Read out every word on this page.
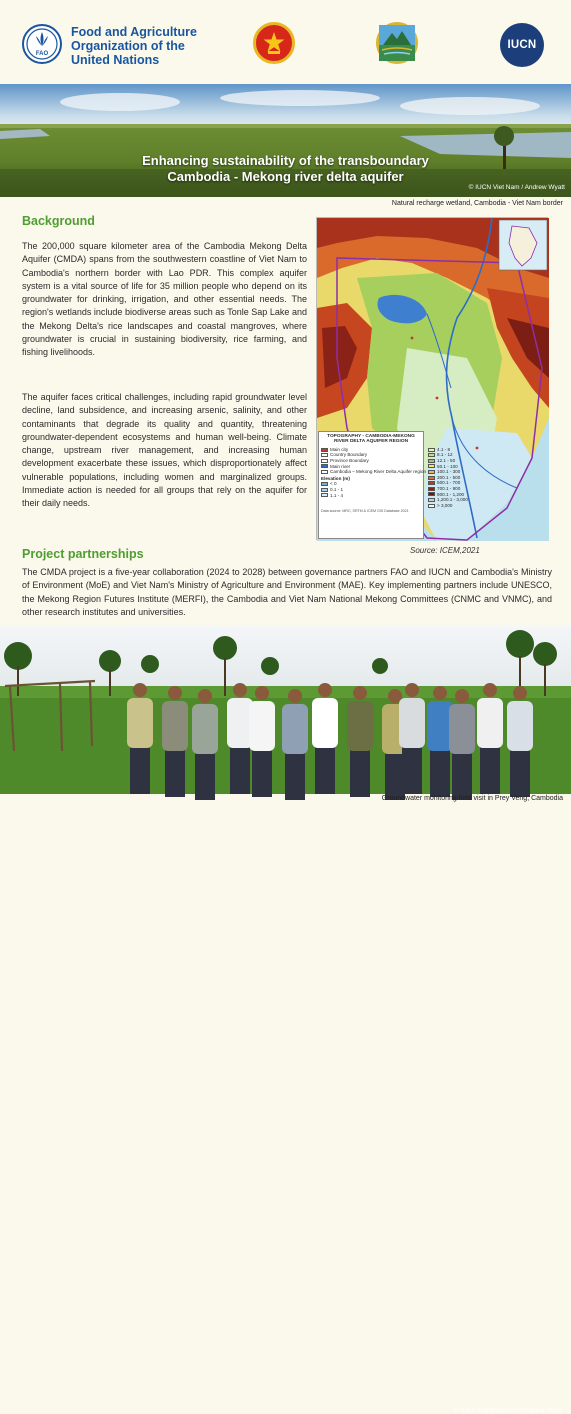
FAO
Food and Agriculture Organization of the United Nations
IUCN
Enhancing sustainability of the transboundary
Cambodia - Mekong river delta aquifer
© IUCN Viet Nam / Andrew Wyatt
Natural recharge wetland, Cambodia - Viet Nam border
Background
The 200,000 square kilometer area of the Cambodia Mekong Delta Aquifer (CMDA) spans from the southwestern coastline of Viet Nam to Cambodia's northern border with Lao PDR. This complex aquifer system is a vital source of life for 35 million people who depend on its groundwater for drinking, irrigation, and other essential needs. The region's wetlands include biodiverse areas such as Tonle Sap Lake and the Mekong Delta's rice landscapes and coastal mangroves, where groundwater is crucial in sustaining biodiversity, rice farming, and fishing livelihoods.
The aquifer faces critical challenges, including rapid groundwater level decline, land subsidence, and increasing arsenic, salinity, and other contaminants that degrade its quality and quantity, threatening groundwater-dependent ecosystems and human well-being. Climate change, upstream river management, and increasing human development exacerbate these issues, which disproportionately affect vulnerable populations, including women and marginalized groups. Immediate action is needed for all groups that rely on the aquifer for their daily needs.
TOPOGRAPHY - CAMBODIA-MEKONG RIVER DELTA AQUIFER REGION
Main city
Country Boundary
Province Boundary
Main river
Cambodia – Mekong River Delta Aquifer region
Elevation (m)
< 0
0.1 - 1
1.1 - 4
4.1 - 8
8.1 - 12
12.1 - 50
50.1 - 100
100.1 - 300
300.1 - 500
500.1 - 700
700.1 - 900
900.1 - 1,200
1,200.1 - 3,000
> 3,000
Data source: MRC, SRTM & ICEM GIS Database 2021
Source: ICEM,2021
Project partnerships
The CMDA project is a five-year collaboration (2024 to 2028) between governance partners FAO and IUCN and Cambodia's Ministry of Environment (MoE) and Viet Nam's Ministry of Agriculture and Environment (MAE). Key implementing partners include UNESCO, the Mekong Region Futures Institute (MERFI), the Cambodia and Viet Nam National Mekong Committees (CNMC and VNMC), and other research institutes and universities.
© IUCN Cambodia / Puthkanha Vong
Groundwater monitoring field visit in Prey Veng, Cambodia
